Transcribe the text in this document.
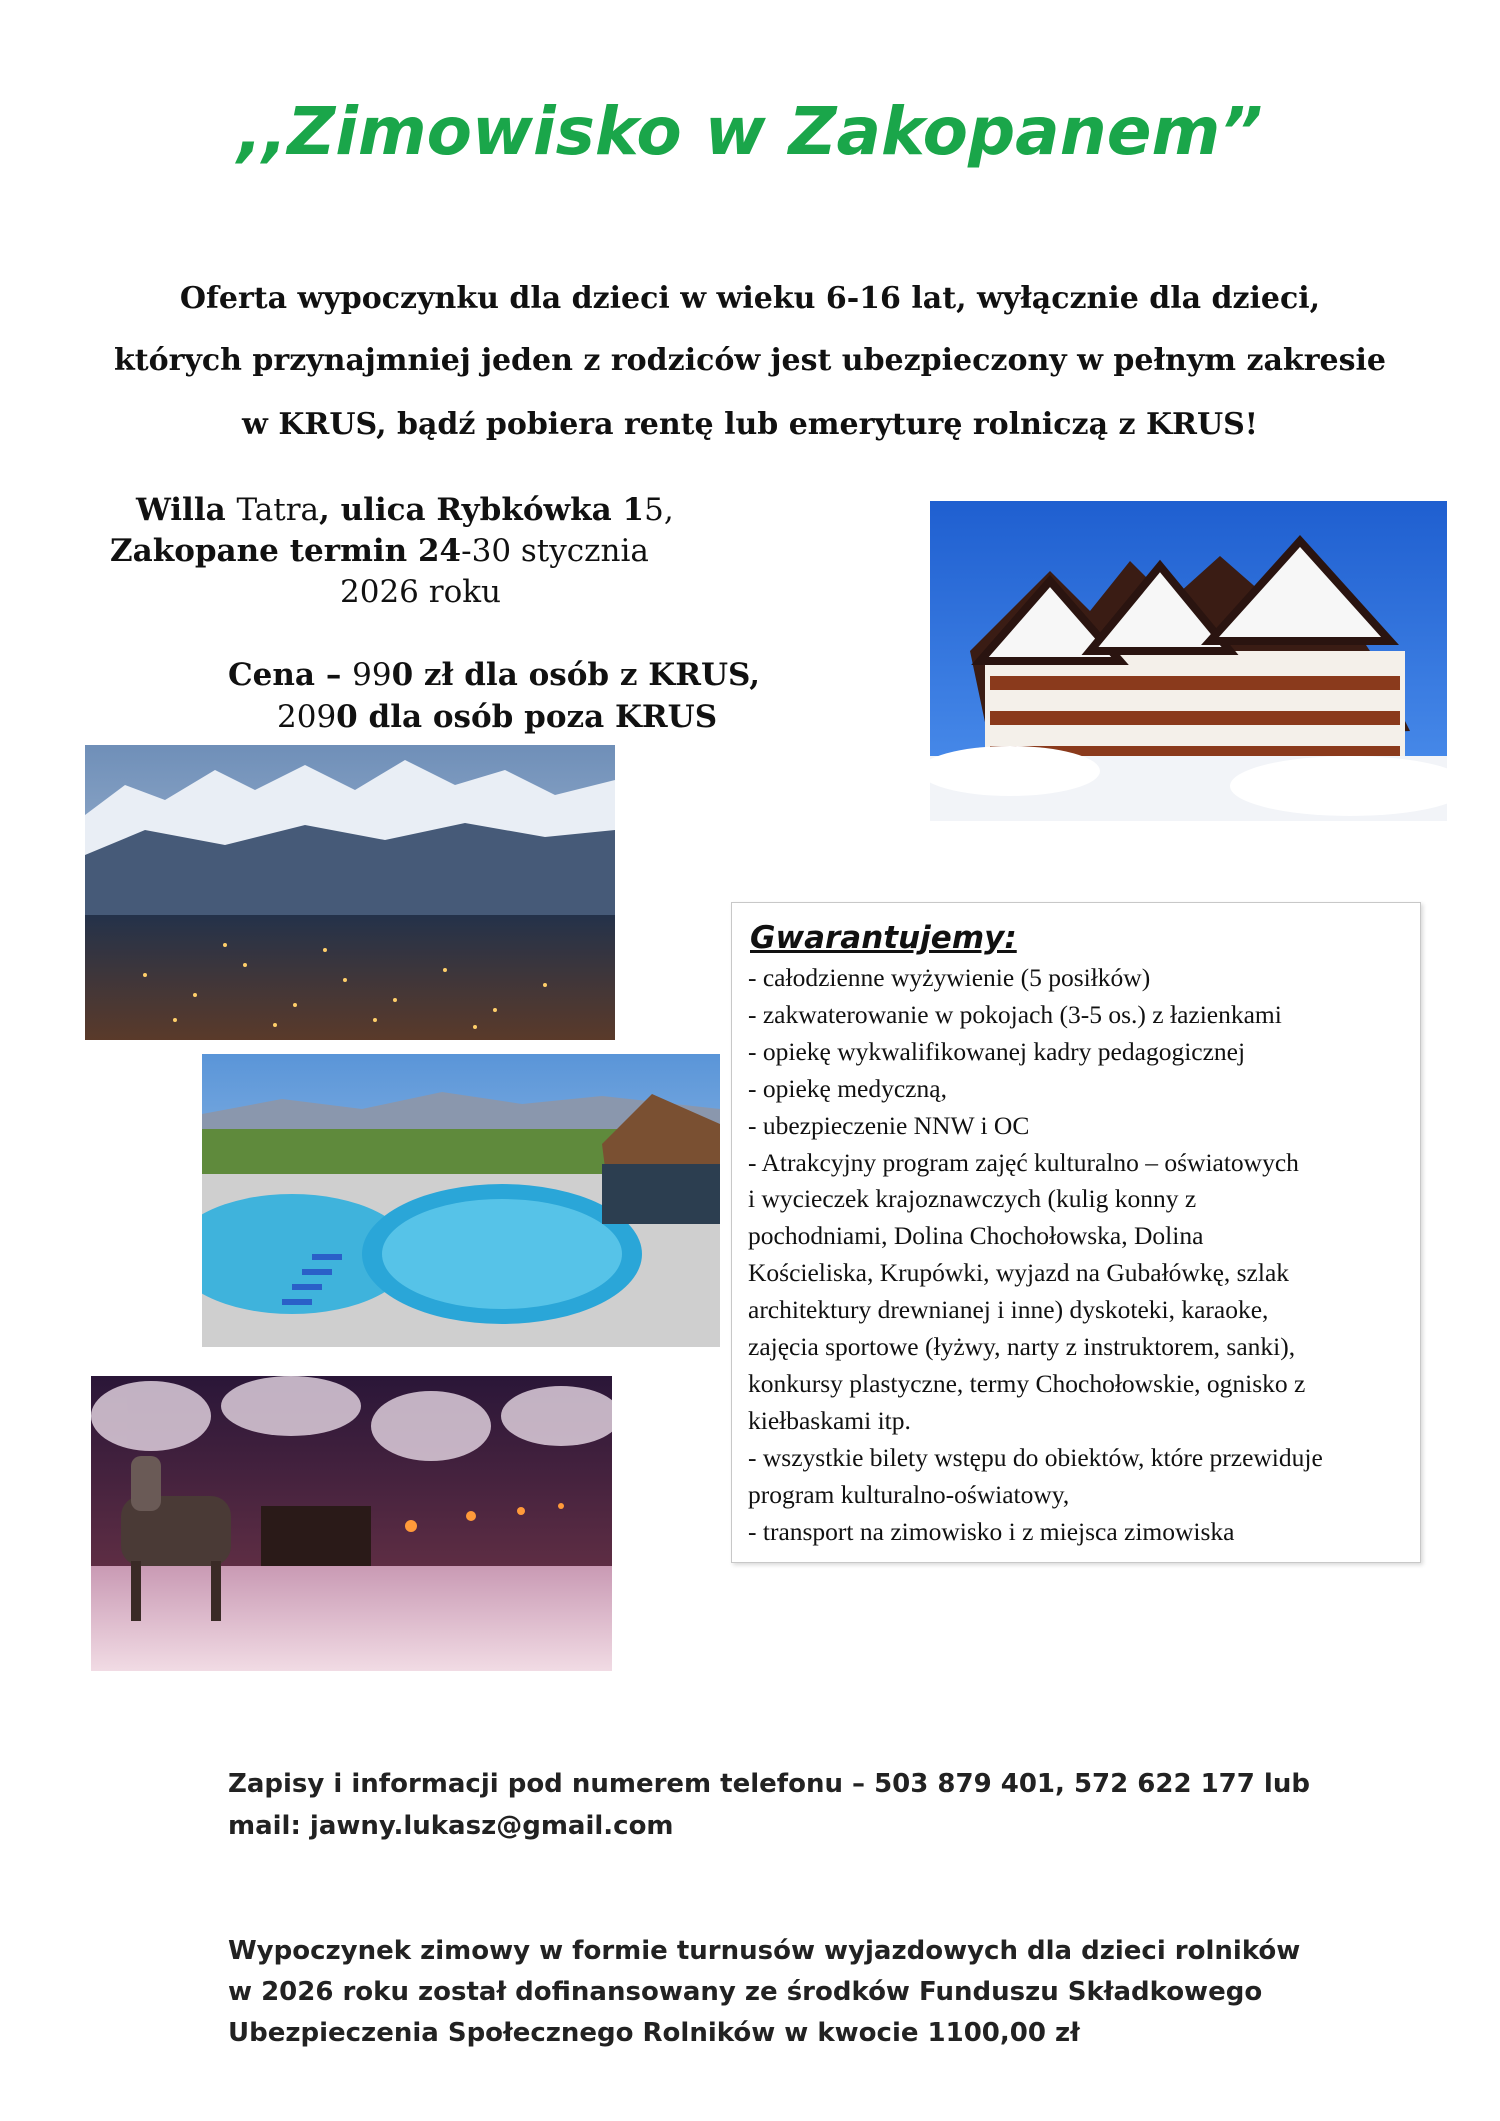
,,Zimowisko w Zakopanem”

Oferta wypoczynku dla dzieci w wieku 6-16 lat, wyłącznie dla dzieci,

których przynajmniej jeden z rodziców jest ubezpieczony w pełnym zakresie

w KRUS, bądź pobiera rentę lub emeryturę rolniczą z KRUS!

Willa Tatra, ulica Rybkówka 15,

Zakopane termin 24-30 stycznia

2026 roku

Cena – 990 zł dla osób z KRUS,

2090 dla osób poza KRUS

Gwarantujemy:
- całodzienne wyżywienie (5 posiłków)
- zakwaterowanie w pokojach (3-5 os.) z łazienkami
- opiekę wykwalifikowanej kadry pedagogicznej
- opiekę medyczną,
- ubezpieczenie NNW i OC
- Atrakcyjny program zajęć kulturalno – oświatowych
i wycieczek krajoznawczych (kulig konny z
pochodniami, Dolina Chochołowska, Dolina
Kościeliska, Krupówki, wyjazd na Gubałówkę, szlak
architektury drewnianej i inne) dyskoteki, karaoke,
zajęcia sportowe (łyżwy, narty z instruktorem, sanki),
konkursy plastyczne, termy Chochołowskie, ognisko z
kiełbaskami itp.
- wszystkie bilety wstępu do obiektów, które przewiduje
program kulturalno-oświatowy,
- transport na zimowisko i z miejsca zimowiska

Zapisy i informacji pod numerem telefonu – 503 879 401, 572 622 177 lub

mail: jawny.lukasz@gmail.com

Wypoczynek zimowy w formie turnusów wyjazdowych dla dzieci rolników

w 2026 roku został dofinansowany ze środków Funduszu Składkowego

Ubezpieczenia Społecznego Rolników w kwocie 1100,00 zł
